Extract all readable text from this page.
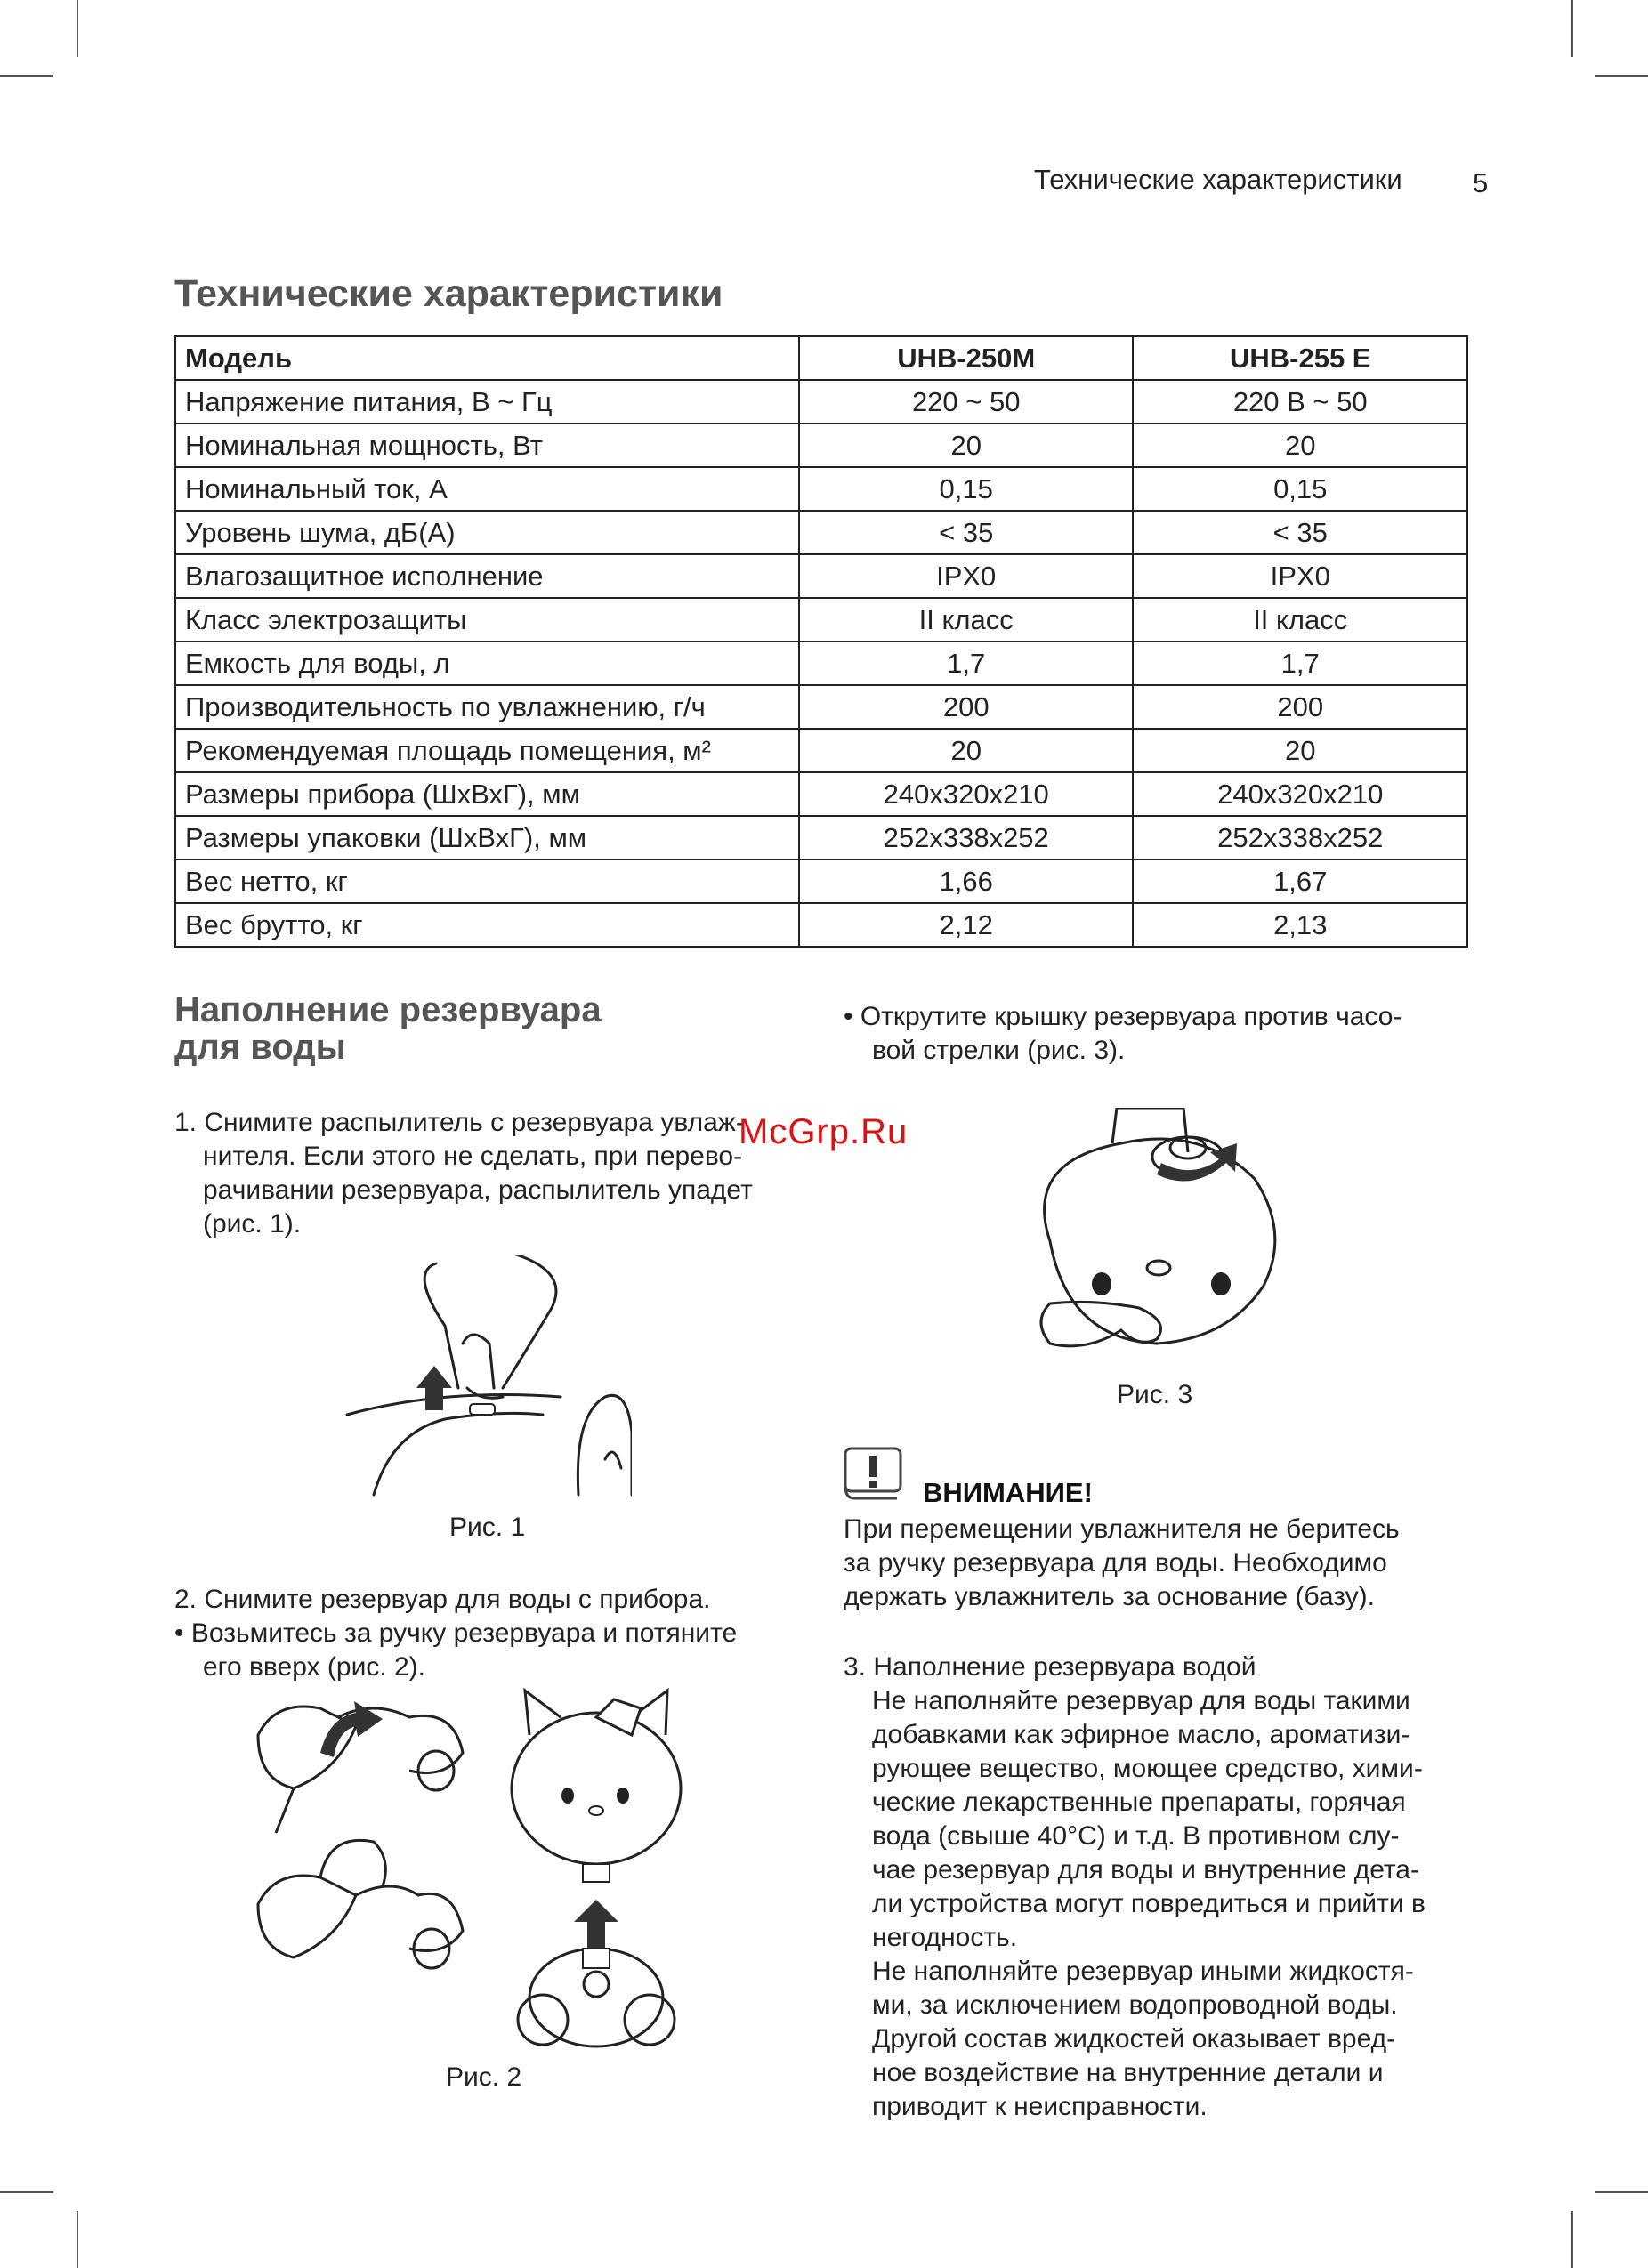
Технические характеристики	5
Технические характеристики
Модель	UHB-250M	UHB-255 E
Напряжение питания, В ~ Гц	220 ~ 50	220 В ~ 50
Номинальная мощность, Вт	20	20
Номинальный ток, А	0,15	0,15
Уровень шума, дБ(А)	< 35	< 35
Влагозащитное исполнение	IPX0	IPX0
Класс электрозащиты	II класс	II класс
Емкость для воды, л	1,7	1,7
Производительность по увлажнению, г/ч	200	200
Рекомендуемая площадь помещения, м²	20	20
Размеры прибора (ШхВхГ), мм	240х320х210	240х320х210
Размеры упаковки (ШхВхГ), мм	252х338х252	252х338х252
Вес нетто, кг	1,66	1,67
Вес брутто, кг	2,12	2,13
Наполнение резервуара
для воды

1. Снимите распылитель с резервуара увлаж-

нителя. Если этого не сделать, при перево-

рачивании резервуара, распылитель упадет

(рис. 1).

McGrp.Ru
Рис. 1

2. Снимите резервуар для воды с прибора.

• Возьмитесь за ручку резервуара и потяните

его вверх (рис. 2).

Рис. 2

• Открутите крышку резервуара против часо-

вой стрелки (рис. 3).

Рис. 3
ВНИМАНИЕ!

При перемещении увлажнителя не беритесь

за ручку резервуара для воды. Необходимо

держать увлажнитель за основание (базу).

3. Наполнение резервуара водой

Не наполняйте резервуар для воды такими

добавками как эфирное масло, ароматизи-

рующее вещество, моющее средство, хими-

ческие лекарственные препараты, горячая

вода (свыше 40°C) и т.д. В противном слу-

чае резервуар для воды и внутренние дета-

ли устройства могут повредиться и прийти в

негодность.

Не наполняйте резервуар иными жидкостя-

ми, за исключением водопроводной воды.

Другой состав жидкостей оказывает вред-

ное воздействие на внутренние детали и

приводит к неисправности.
